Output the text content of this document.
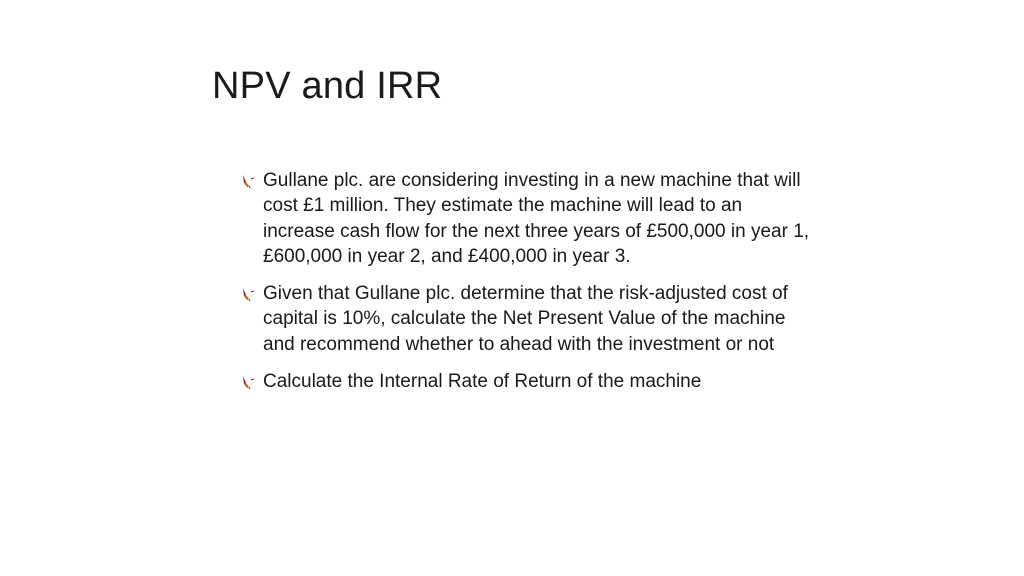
NPV and IRR
Gullane plc. are considering investing in a new machine that will cost £1 million. They estimate the machine will lead to an increase cash flow for the next three years of £500,000 in year 1, £600,000 in year 2, and £400,000 in year 3.
Given that Gullane plc. determine that the risk-adjusted cost of capital is 10%, calculate the Net Present Value of the machine and recommend whether to ahead with the investment or not
Calculate the Internal Rate of Return of the machine
